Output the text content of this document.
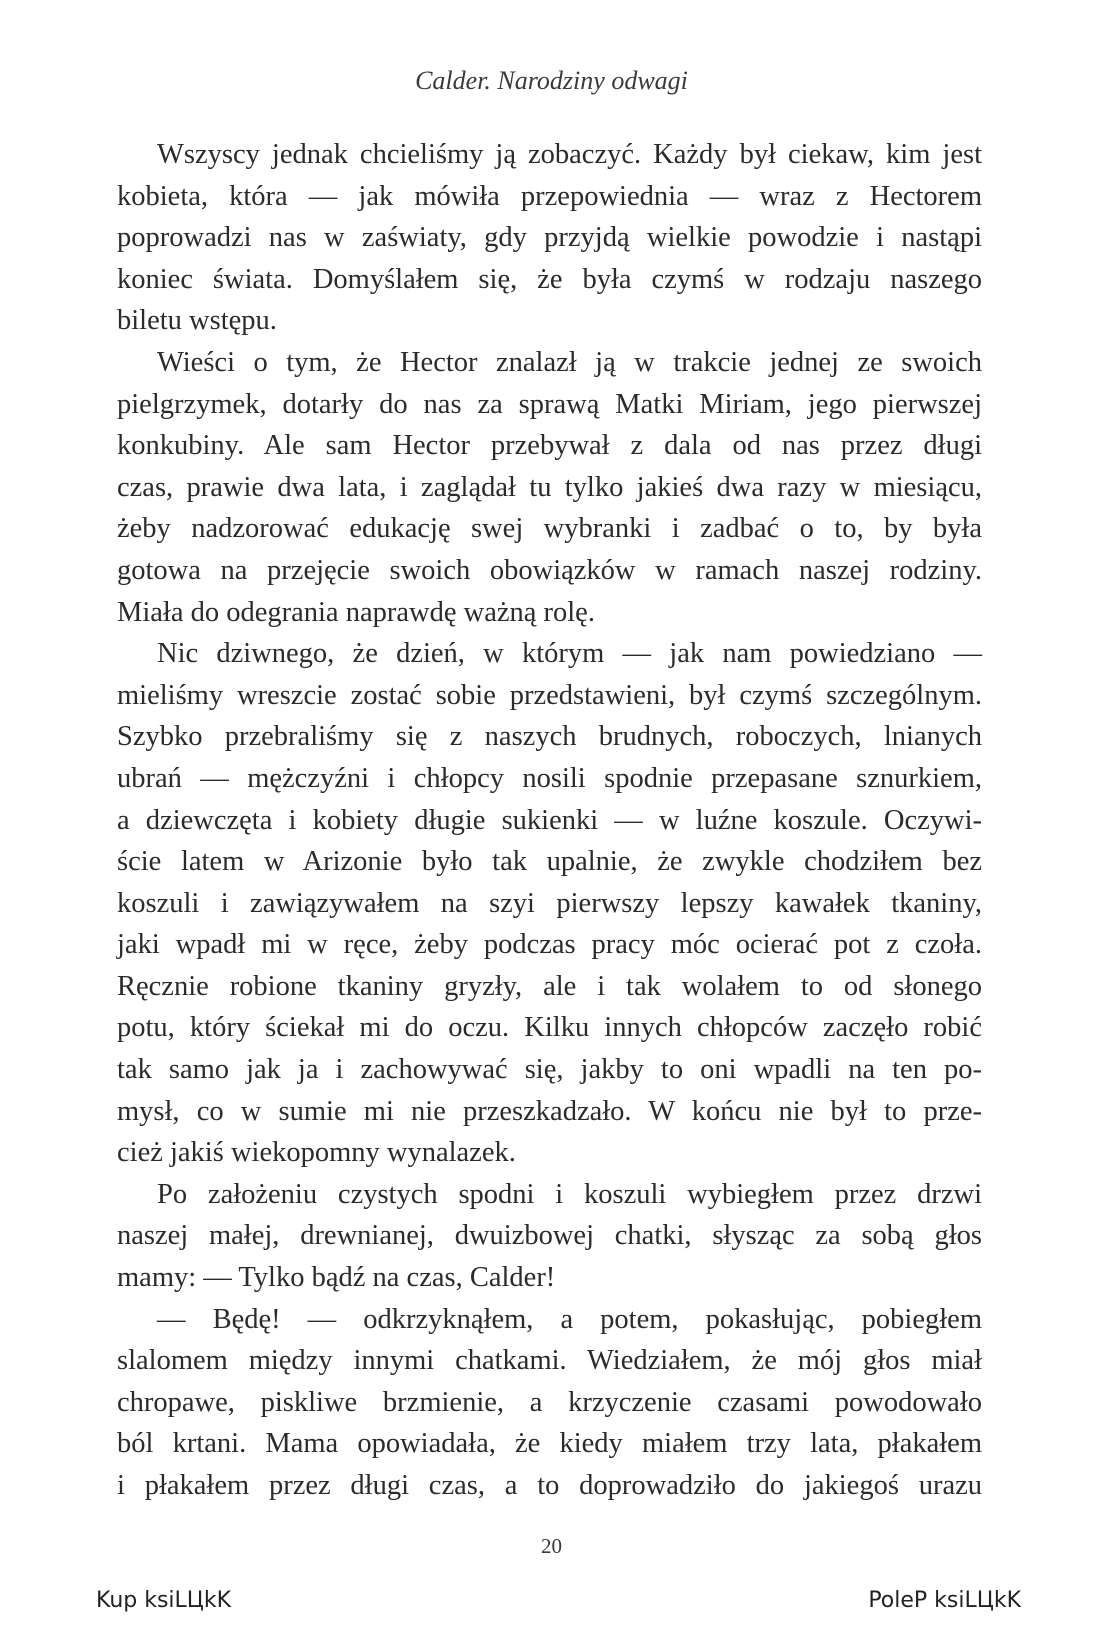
Calder. Narodziny odwagi

Wszyscy jednak chcieliśmy ją zobaczyć. Każdy był ciekaw, kim jest
kobieta, która — jak mówiła przepowiednia — wraz z Hectorem
poprowadzi nas w zaświaty, gdy przyjdą wielkie powodzie i nastąpi
koniec świata. Domyślałem się, że była czymś w rodzaju naszego
biletu wstępu.

Wieści o tym, że Hector znalazł ją w trakcie jednej ze swoich
pielgrzymek, dotarły do nas za sprawą Matki Miriam, jego pierwszej
konkubiny. Ale sam Hector przebywał z dala od nas przez długi
czas, prawie dwa lata, i zaglądał tu tylko jakieś dwa razy w miesiącu,
żeby nadzorować edukację swej wybranki i zadbać o to, by była
gotowa na przejęcie swoich obowiązków w ramach naszej rodziny.
Miała do odegrania naprawdę ważną rolę.

Nic dziwnego, że dzień, w którym — jak nam powiedziano —
mieliśmy wreszcie zostać sobie przedstawieni, był czymś szczególnym.
Szybko przebraliśmy się z naszych brudnych, roboczych, lnianych
ubrań — mężczyźni i chłopcy nosili spodnie przepasane sznurkiem,
a dziewczęta i kobiety długie sukienki — w luźne koszule. Oczywi-
ście latem w Arizonie było tak upalnie, że zwykle chodziłem bez
koszuli i zawiązywałem na szyi pierwszy lepszy kawałek tkaniny,
jaki wpadł mi w ręce, żeby podczas pracy móc ocierać pot z czoła.
Ręcznie robione tkaniny gryzły, ale i tak wolałem to od słonego
potu, który ściekał mi do oczu. Kilku innych chłopców zaczęło robić
tak samo jak ja i zachowywać się, jakby to oni wpadli na ten po-
mysł, co w sumie mi nie przeszkadzało. W końcu nie był to prze-
cież jakiś wiekopomny wynalazek.

Po założeniu czystych spodni i koszuli wybiegłem przez drzwi
naszej małej, drewnianej, dwuizbowej chatki, słysząc za sobą głos
mamy: — Tylko bądź na czas, Calder!

— Będę! — odkrzyknąłem, a potem, pokasłując, pobiegłem
slalomem między innymi chatkami. Wiedziałem, że mój głos miał
chropawe, piskliwe brzmienie, a krzyczenie czasami powodowało
ból krtani. Mama opowiadała, że kiedy miałem trzy lata, płakałem
i płakałem przez długi czas, a to doprowadziło do jakiegoś urazu

20
Kup ksiLЦkK	PoleP ksiLЦkK
